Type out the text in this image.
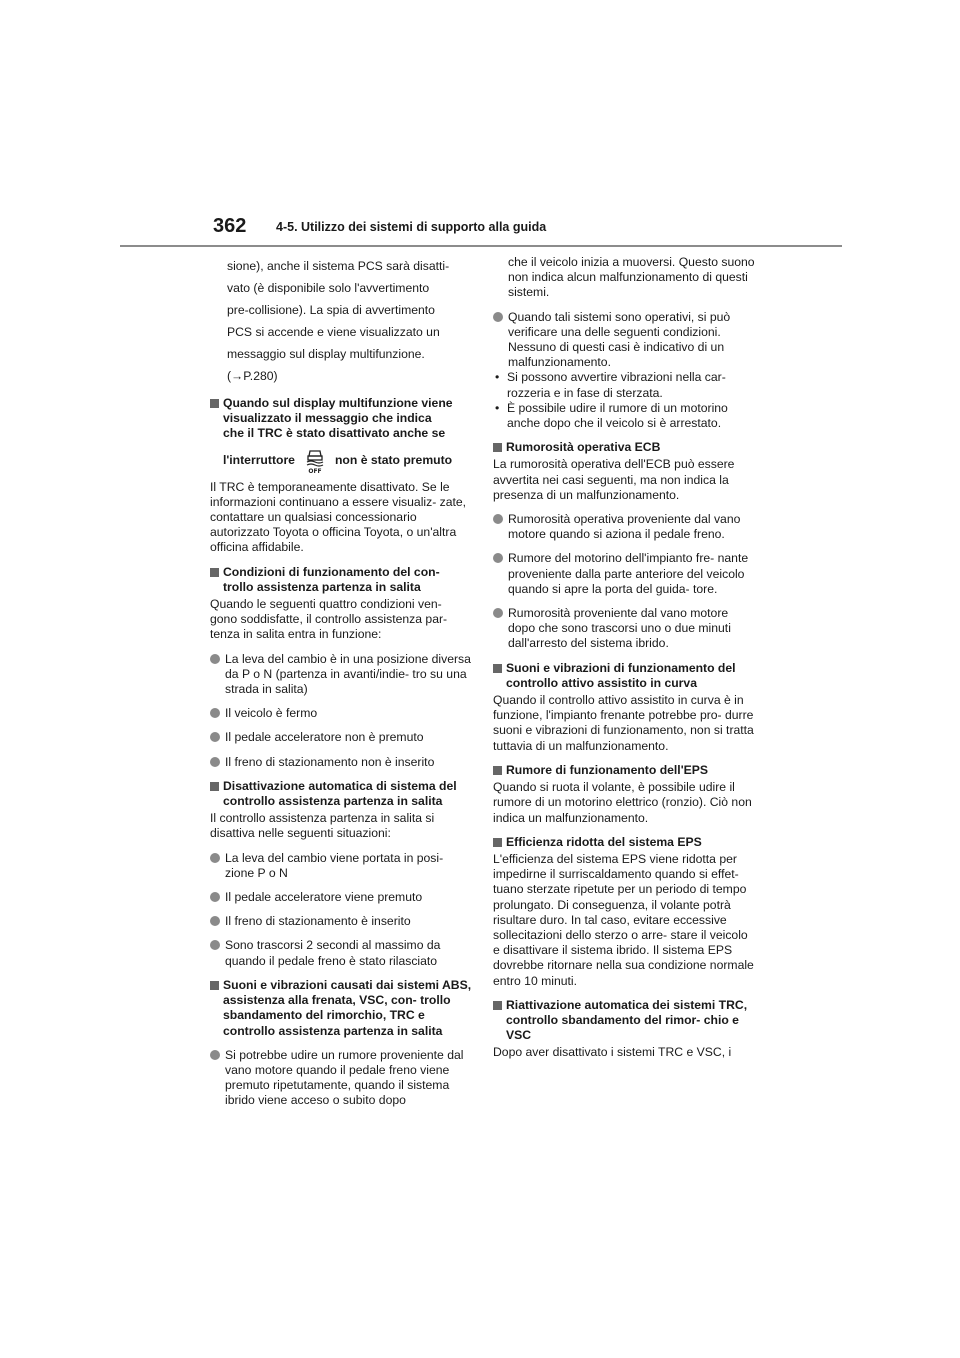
362 4-5. Utilizzo dei sistemi di supporto alla guida
sione), anche il sistema PCS sarà disatti-
vato (è disponibile solo l'avvertimento
pre-collisione). La spia di avvertimento
PCS si accende e viene visualizzato un
messaggio sul display multifunzione.
(→P.280)
Quando sul display multifunzione viene
visualizzato il messaggio che indica
che il TRC è stato disattivato anche se
l'interruttore
OFF
non è stato premuto

Il TRC è temporaneamente disattivato. Se le informazioni continuano a essere visualiz- zate, contattare un qualsiasi concessionario autorizzato Toyota o officina Toyota, o un'altra officina affidabile.

Condizioni di funzionamento del con- trollo assistenza partenza in salita

Quando le seguenti quattro condizioni ven- gono soddisfatte, il controllo assistenza par- tenza in salita entra in funzione:

La leva del cambio è in una posizione diversa da P o N (partenza in avanti/indie- tro su una strada in salita)
Il veicolo è fermo
Il pedale acceleratore non è premuto
Il freno di stazionamento non è inserito
Disattivazione automatica di sistema del controllo assistenza partenza in salita

Il controllo assistenza partenza in salita si disattiva nelle seguenti situazioni:

La leva del cambio viene portata in posi- zione P o N
Il pedale acceleratore viene premuto
Il freno di stazionamento è inserito
Sono trascorsi 2 secondi al massimo da quando il pedale freno è stato rilasciato
Suoni e vibrazioni causati dai sistemi ABS, assistenza alla frenata, VSC, con- trollo sbandamento del rimorchio, TRC e controllo assistenza partenza in salita
Si potrebbe udire un rumore proveniente dal vano motore quando il pedale freno viene premuto ripetutamente, quando il sistema ibrido viene acceso o subito dopo

che il veicolo inizia a muoversi. Questo suono non indica alcun malfunzionamento di questi sistemi.

Quando tali sistemi sono operativi, si può verificare una delle seguenti condizioni. Nessuno di questi casi è indicativo di un malfunzionamento.
• Si possono avvertire vibrazioni nella car- rozzeria e in fase di sterzata.
• È possibile udire il rumore di un motorino anche dopo che il veicolo si è arrestato.
Rumorosità operativa ECB

La rumorosità operativa dell'ECB può essere avvertita nei casi seguenti, ma non indica la presenza di un malfunzionamento.

Rumorosità operativa proveniente dal vano motore quando si aziona il pedale freno.
Rumore del motorino dell'impianto fre- nante proveniente dalla parte anteriore del veicolo quando si apre la porta del guida- tore.
Rumorosità proveniente dal vano motore dopo che sono trascorsi uno o due minuti dall'arresto del sistema ibrido.
Suoni e vibrazioni di funzionamento del controllo attivo assistito in curva

Quando il controllo attivo assistito in curva è in funzione, l'impianto frenante potrebbe pro- durre suoni e vibrazioni di funzionamento, non si tratta tuttavia di un malfunzionamento.

Rumore di funzionamento dell'EPS

Quando si ruota il volante, è possibile udire il rumore di un motorino elettrico (ronzio). Ciò non indica un malfunzionamento.

Efficienza ridotta del sistema EPS

L'efficienza del sistema EPS viene ridotta per impedirne il surriscaldamento quando si effet- tuano sterzate ripetute per un periodo di tempo prolungato. Di conseguenza, il volante potrà risultare duro. In tal caso, evitare eccessive sollecitazioni dello sterzo o arre- stare il veicolo e disattivare il sistema ibrido. Il sistema EPS dovrebbe ritornare nella sua condizione normale entro 10 minuti.

Riattivazione automatica dei sistemi TRC, controllo sbandamento del rimor- chio e VSC

Dopo aver disattivato i sistemi TRC e VSC, i
